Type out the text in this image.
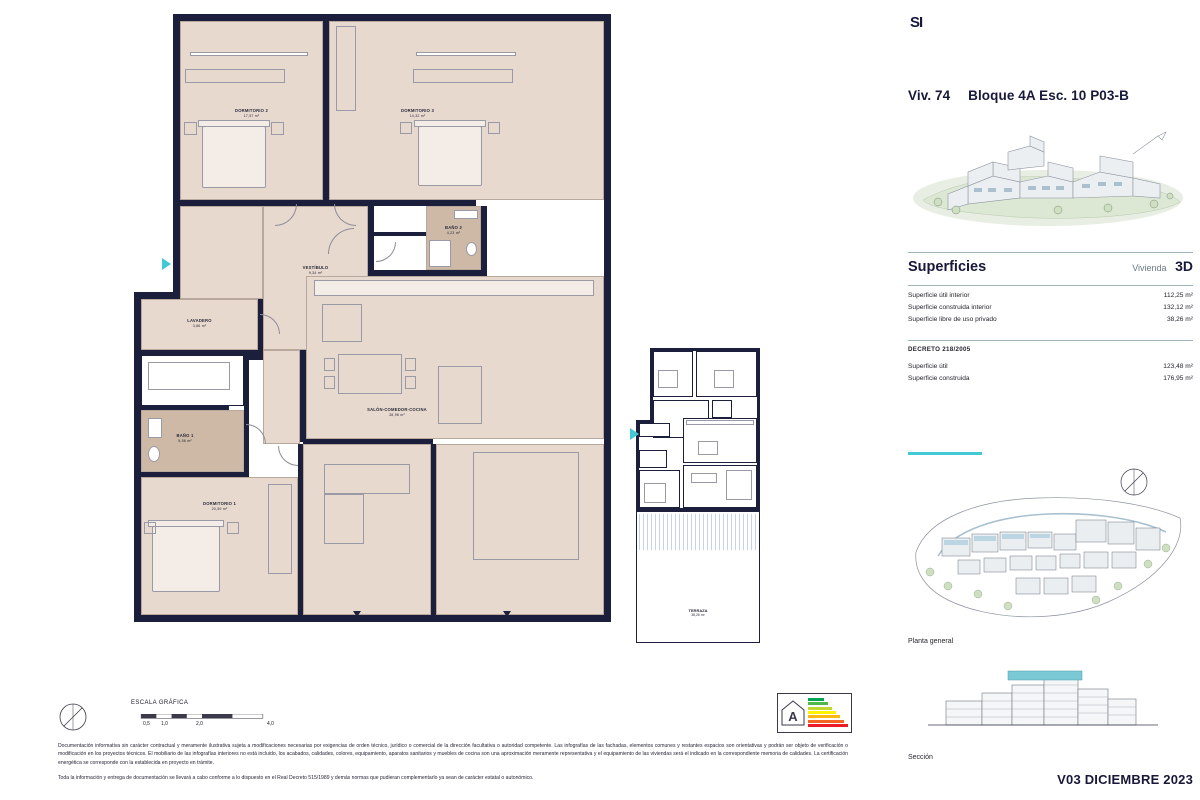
DORMITORIO 2
17,57 m²
DORMITORIO 3
14,32 m²
BAÑO 2
4,23 m²
VESTÍBULO
9,34 m²
LAVADERO
3,86 m²
BAÑO 1
5,56 m²
SALÓN-COMEDOR-COCINA
38,96 m²
DORMITORIO 1
20,59 m²
ESCALA GRÁFICA
0,5 1,0	2,0	4,0

Documentación informativa sin carácter contractual y meramente ilustrativa sujeta a modificaciones necesarias por exigencias de orden técnico, jurídico o comercial de la dirección facultativa o autoridad competente. Las infografías de las fachadas, elementos comunes y restantes espacios son orientativas y podrán ser objeto de verificación o modificación en los proyectos técnicos. El mobiliario de las infografías interiores no está incluido, los acabados, calidades, colores, equipamiento, aparatos sanitarios y muebles de cocina son una aproximación meramente representativa y el equipamiento de las viviendas será el indicado en la correspondiente memoria de calidades. La certificación energética se corresponde con la establecida en proyecto en trámite.

Toda la información y entrega de documentación se llevará a cabo conforme a lo dispuesto en el Real Decreto 515/1989 y demás normas que pudieran complementarlo ya sean de carácter estatal o autonómico.

A
TERRAZA
38,26 m²
SI
Viv. 74 Bloque 4A Esc. 10 P03-B
Superficies	Vivienda 3D
Superficie útil interior	112,25 m²
Superficie construida interior	132,12 m²
Superficie libre de uso privado	38,26 m²
DECRETO 218/2005
Superficie útil	123,48 m²
Superficie construida	176,95 m²
Planta general
Sección
V03 DICIEMBRE 2023
